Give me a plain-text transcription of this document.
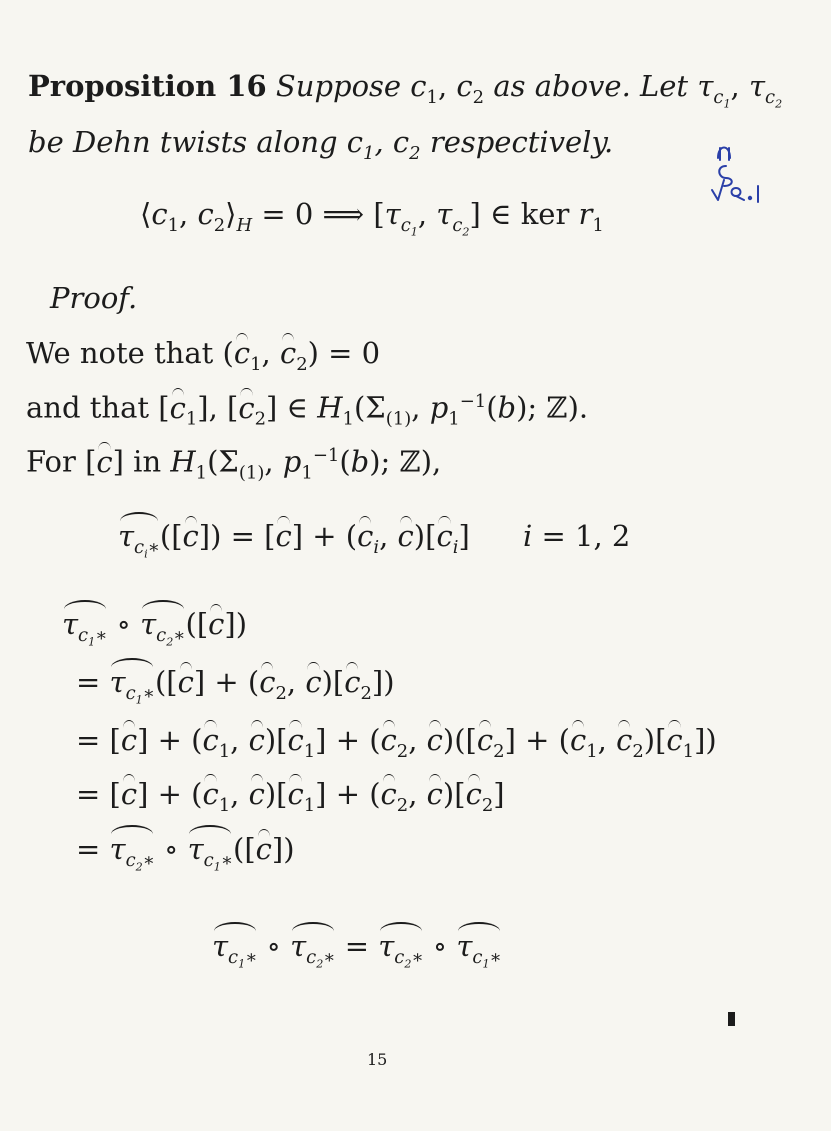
Proposition 16 Suppose $c_1$, $c_2$ as above. Let $\tau_{c_1}$, $\tau_{c_2}$
be Dehn twists along $c_1$, $c_2$ respectively.
$⟨c_1$, $c_2⟩_H = 0$ ⟹ [$\tau_{c_1}$, $\tau_{c_2}$] ∈ ker $r_1$
Proof.
We note that ($c_1$, $c_2) = 0$
and that $[c_1]$, $[c_2]$ ∈ $H_1(\Sigma_{(1)}$, $p_1^{-1}(b)$; ℤ).
For [c] in $H_1(\Sigma_{(1)}$, $p_1^{-1}(b)$; ℤ),
$\tau_{c_i∗}([c]) = [c] + (c_i$, $c)[c_i] i = 1$, 2
$\tau_{c_1∗}$ ∘ $\tau_{c_2∗}([c])$
= $\tau_{c_1∗}([c] + (c_2$, $c)[c_2]$)
= $[c] + (c_1$, $c)[c_1] + (c_2$, $c)([c_2] + (c_1$, $c_2)[c_1]$)
= $[c] + (c_1$, $c)[c_1] + (c_2$, $c)[c_2]$
= $\tau_{c_2∗}$ ∘ $\tau_{c_1∗}([c])$
$\tau_{c_1∗}$ ∘ $\tau_{c_2∗} = \tau_{c_2∗}$ ∘ $\tau_{c_1∗}$
15
